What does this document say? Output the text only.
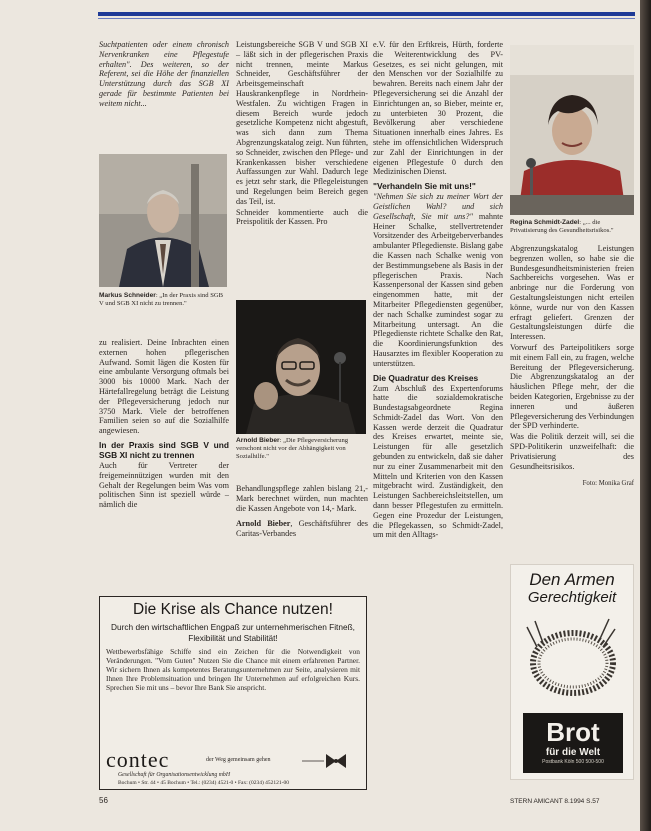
Suchtpatienten oder einem chronisch Nervenkranken eine Pflegestufe erhalten". Des weiteren, so der Referent, sei die Höhe der finanziellen Unterstützung durch das SGB XI gerade für bestimmte Patienten bei weitem nicht...

Markus Schneider: „In der Praxis sind SGB V und SGB XI nicht zu trennen."

zu realisiert. Deine Inbrachten einen externen hohen pflegerischen Aufwand. Somit lägen die Kosten für eine ambulante Versorgung oftmals bei 3000 bis 10000 Mark. Nach der Härtefallregelung beträgt die Leistung der Pflegeversicherung jedoch nur 3750 Mark. Viele der betroffenen Familien seien so auf die Sozialhilfe angewiesen.

In der Praxis sind SGB V und SGB XI nicht zu trennen

Auch für Vertreter der freigemeinnützigen wurden mit den Gehalt der Regelungen beim Was vom politischen Sinn ist speziell würde – nämlich die

Leistungsbereiche SGB V und SGB XI – läßt sich in der pflegerischen Praxis nicht trennen, meinte Markus Schneider, Geschäftsführer der Arbeitsgemeinschaft Hauskrankenpflege in Nordrhein-Westfalen. Zu wichtigen Fragen in diesem Bereich wurde jedoch gesetzliche Kompetenz nicht abgestuft, was sich dann zum Thema Abgrenzungskatalog zeigt. Nun führten, so Schneider, zwischen den Pflege- und Krankenkassen bisher verschiedene Auffassungen zur Wahl. Dadurch lege es jetzt sehr stark, die Pflegeleistungen und Regelungen beim Bereich gegen das Teil, ist.

Schneider kommentierte auch die Preispolitik der Kassen. Pro

Arnold Bieber: „Die Pflegeversicherung verschont nicht vor der Abhängigkeit von Sozialhilfe."

Behandlungspflege zahlen bislang 21,- Mark berechnet würden, nun machten die Kassen Angebote von 14,- Mark.

Arnold Bieber, Geschäftsführer des Caritas-Verbandes

e.V. für den Erftkreis, Hürth, forderte die Weiterentwicklung des PV-Gesetzes, es sei nicht gelungen, mit den Menschen vor der Sozialhilfe zu bewahren. Bereits nach einem Jahr der Pflegeversicherung sei die Anzahl der Einrichtungen an, so Bieber, meinte er, zu unterbieten 30 Prozent, die Bevölkerung aber verschiedene Situationen innerhalb eines Jahres. Es stehe im offensichtlichen Widerspruch zur Zahl der Einrichtungen in der eigenen Pflegestufe 0 durch den Medizinischen Dienst.

"Verhandeln Sie mit uns!"

"Nehmen Sie sich zu meiner Wort der Geistlichen Wahl? und sich Gesellschaft, Sie mit uns?" mahnte Heiner Schalke, stellvertretender Vorsitzender des Arbeitgeberverbandes ambulanter Pflegedienste. Bislang gabe die Kassen nach Schalke wenig von der Bestimmungsebene als Basis in der pflegerischen Praxis. Nach Kassenpersonal der Kassen sind geben eingenommen hatte, mit der Mitarbeiter Pflegediensten gegenüber, der nach Schalke zumindest sogar zu Mitarbeitung untersagt. An die Pflegedienste richtete Schalke den Rat, die Koordinierungsfunktion des Hausarztes im flexibler Kooperation zu unterstützen.

Die Quadratur des Kreises

Zum Abschluß des Expertenforums hatte die sozialdemokratische Bundestagsabgeordnete Regina Schmidt-Zadel das Wort. Von den Kassen werde derzeit die Quadratur des Kreises erwartet, meinte sie, Leistungen für alle gesetzlich gebunden zu entwickeln, daß sie daher nur zu einer Zusammenarbeit mit den Mitteln und Kriterien von den Kassen mitgebracht wird. Zuständigkeit, den Leistungen Sachbereichsleitstellen, um dann besser Pflegestufen zu ermitteln. Gegen eine Prozedur der Leistungen, die Pflegekassen, so Schmidt-Zadel, um mit den Alltags-

Regina Schmidt-Zadel: „... die Privatisierung des Gesundheitsrisikos."

Abgrenzungskatalog Leistungen begrenzen wollen, so habe sie die Bundesgesundheitsministerien freien Sachbereichs vorgesehen. Was er anbringe nur die Forderung von Gestaltungsleistungen nicht erteilen könne, wurde nur von den Kassen erfragt geliefert. Grenzen der Gestaltungsleistungen dürfe die Interessen.

Vorwurf des Parteipolitikers sorge mit einem Fall ein, zu fragen, welche Bereitung der Pflegeversicherung. Die Abgrenzungskatalog an der häuslichen Pflege mehr, der die beiden Kategorien, Ergebnisse zu der inneren und äußeren Pflegeversicherung des Verbindungen der SPD verhinderte.

Was die Politik derzeit will, sei die SPD-Politikerin unzweifelhaft: die Privatisierung des Gesundheitsrisikos.

Foto: Monika Graf

Die Krise als Chance nutzen!
Durch den wirtschaftlichen Engpaß zur unternehmerischen Fitneß, Flexibilität und Stabilität!
Wettbewerbsfähige Schiffe sind ein Zeichen für die Notwendigkeit von Veränderungen. "Vom Guten" Nutzen Sie die Chance mit einem erfahrenen Partner. Wir sichern Ihnen als kompetentes Beratungsunternehmen zur Seite, analysieren mit Ihnen Ihre Problemsituation und bringen Ihr Unternehmen auf erfolgreichen Kurs. Sprechen Sie mit uns – bevor Ihre Bank Sie anspricht.
contec	der Weg gemeinsam gehen
Gesellschaft für Organisationsentwicklung mbH
Bochum • Str. 44 • 45 Bochum • Tel.: (0234) 4521-0 • Fax: (0234) 452121-00
Den Armen
Gerechtigkeit
Brot
für die Welt
Postbank Köln 500 500-500
56	STERN AMICANT 8.1994 S.57
